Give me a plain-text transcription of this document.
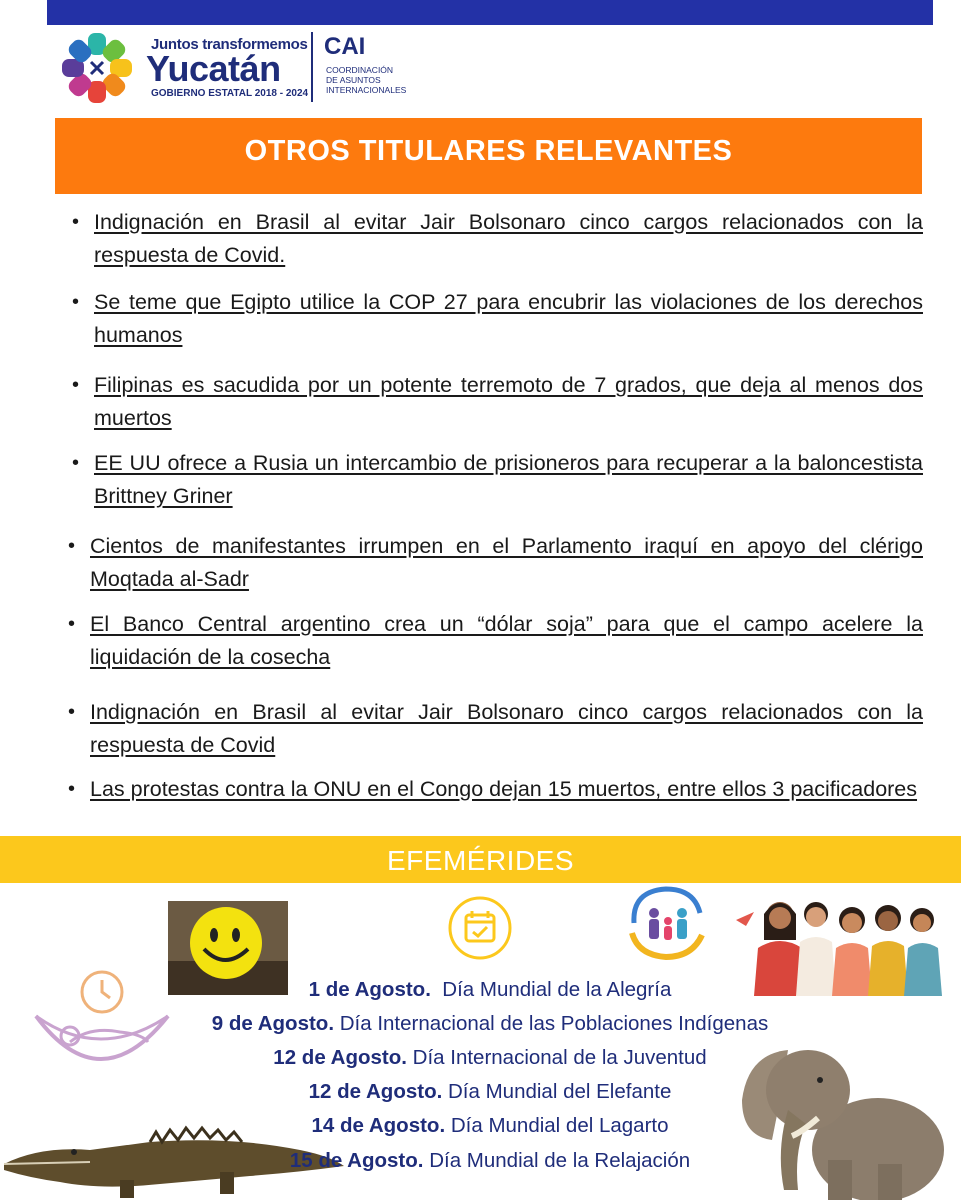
Juntos transformemos
Yucatán
GOBIERNO ESTATAL 2018 - 2024
CAI
COORDINACIÓN
DE ASUNTOS
INTERNACIONALES
OTROS TITULARES RELEVANTES
• Indignación en Brasil al evitar Jair Bolsonaro cinco cargos relacionados con la respuesta de Covid.
• Se teme que Egipto utilice la COP 27 para encubrir las violaciones de los derechos humanos
• Filipinas es sacudida por un potente terremoto de 7 grados, que deja al menos dos muertos
• EE UU ofrece a Rusia un intercambio de prisioneros para recuperar a la baloncestista Brittney Griner
• Cientos de manifestantes irrumpen en el Parlamento iraquí en apoyo del clérigo Moqtada al-Sadr
• El Banco Central argentino crea un “dólar soja” para que el campo acelere la liquidación de la cosecha
• Indignación en Brasil al evitar Jair Bolsonaro cinco cargos relacionados con la respuesta de Covid
• Las protestas contra la ONU en el Congo dejan 15 muertos, entre ellos 3 pacificadores
EFEMÉRIDES
1 de Agosto. Día Mundial de la Alegría
9 de Agosto. Día Internacional de las Poblaciones Indígenas
12 de Agosto. Día Internacional de la Juventud
12 de Agosto. Día Mundial del Elefante
14 de Agosto. Día Mundial del Lagarto
15 de Agosto. Día Mundial de la Relajación
